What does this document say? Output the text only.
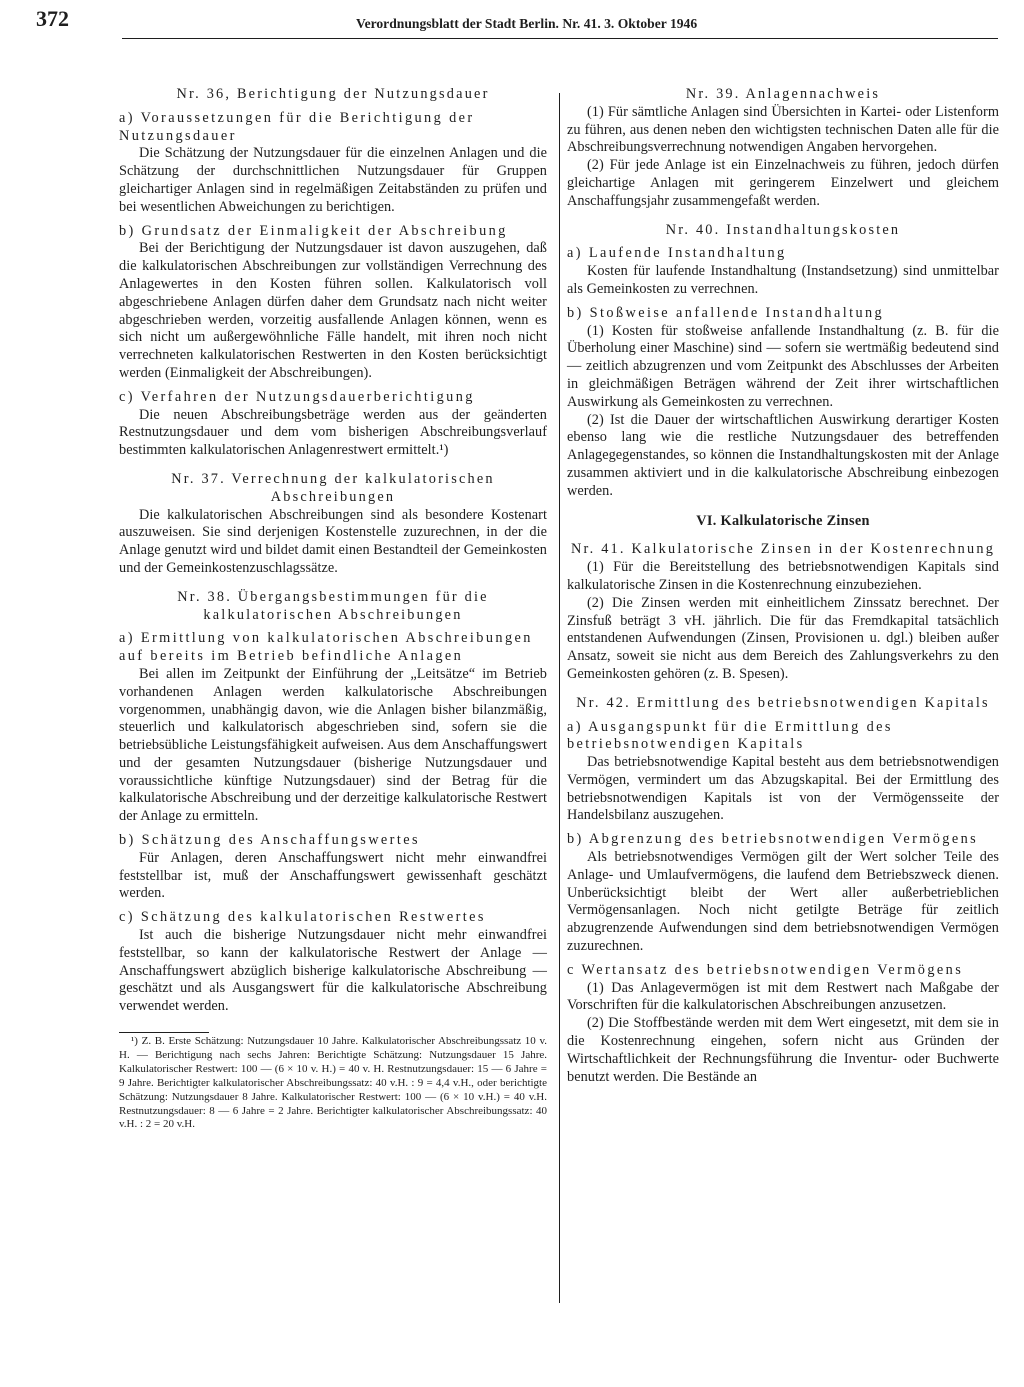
372	Verordnungsblatt der Stadt Berlin. Nr. 41. 3. Oktober 1946

Nr. 36, Berichtigung der Nutzungsdauer

a) Voraussetzungen für die Berichtigung der Nutzungsdauer

Die Schätzung der Nutzungsdauer für die einzelnen Anlagen und die Schätzung der durchschnittlichen Nutzungsdauer für Gruppen gleichartiger Anlagen sind in regelmäßigen Zeitabständen zu prüfen und bei wesentlichen Abweichungen zu berichtigen.

b) Grundsatz der Einmaligkeit der Abschreibung

Bei der Berichtigung der Nutzungsdauer ist davon auszugehen, daß die kalkulatorischen Abschreibungen zur vollständigen Verrechnung des Anlagewertes in den Kosten führen sollen. Kalkulatorisch voll abgeschriebene Anlagen dürfen daher dem Grundsatz nach nicht weiter abgeschrieben werden, vorzeitig ausfallende Anlagen können, wenn es sich nicht um außergewöhnliche Fälle handelt, mit ihren noch nicht verrechneten kalkulatorischen Restwerten in den Kosten berücksichtigt werden (Einmaligkeit der Abschreibungen).

c) Verfahren der Nutzungsdauerberichtigung

Die neuen Abschreibungsbeträge werden aus der geänderten Restnutzungsdauer und dem vom bisherigen Abschreibungsverlauf bestimmten kalkulatorischen Anlagenrestwert ermittelt.¹)

Nr. 37. Verrechnung der kalkulatorischen Abschreibungen

Die kalkulatorischen Abschreibungen sind als besondere Kostenart auszuweisen. Sie sind derjenigen Kostenstelle zuzurechnen, in der die Anlage genutzt wird und bildet damit einen Bestandteil der Gemeinkosten und der Gemeinkostenzuschlagssätze.

Nr. 38. Übergangsbestimmungen für die kalkulatorischen Abschreibungen

a) Ermittlung von kalkulatorischen Abschreibungen auf bereits im Betrieb befindliche Anlagen

Bei allen im Zeitpunkt der Einführung der „Leitsätze“ im Betrieb vorhandenen Anlagen werden kalkulatorische Abschreibungen vorgenommen, unabhängig davon, wie die Anlagen bisher bilanzmäßig, steuerlich und kalkulatorisch abgeschrieben sind, sofern sie die betriebsübliche Leistungsfähigkeit aufweisen. Aus dem Anschaffungswert und der gesamten Nutzungsdauer (bisherige Nutzungsdauer und voraussichtliche künftige Nutzungsdauer) sind der Betrag für die kalkulatorische Abschreibung und der derzeitige kalkulatorische Restwert der Anlage zu ermitteln.

b) Schätzung des Anschaffungswertes

Für Anlagen, deren Anschaffungswert nicht mehr einwandfrei feststellbar ist, muß der Anschaffungswert gewissenhaft geschätzt werden.

c) Schätzung des kalkulatorischen Restwertes

Ist auch die bisherige Nutzungsdauer nicht mehr einwandfrei feststellbar, so kann der kalkulatorische Restwert der Anlage — Anschaffungswert abzüglich bisherige kalkulatorische Abschreibung — geschätzt und als Ausgangswert für die kalkulatorische Abschreibung verwendet werden.

¹) Z. B. Erste Schätzung: Nutzungsdauer 10 Jahre. Kalkulatorischer Abschreibungssatz 10 v. H. — Berichtigung nach sechs Jahren: Berichtigte Schätzung: Nutzungsdauer 15 Jahre. Kalkulatorischer Restwert: 100 — (6 × 10 v. H.) = 40 v. H. Restnutzungsdauer: 15 — 6 Jahre = 9 Jahre. Berichtigter kalkulatorischer Abschreibungssatz: 40 v.H. : 9 = 4,4 v.H., oder berichtigte Schätzung: Nutzungsdauer 8 Jahre. Kalkulatorischer Restwert: 100 — (6 × 10 v.H.) = 40 v.H. Restnutzungsdauer: 8 — 6 Jahre = 2 Jahre. Berichtigter kalkulatorischer Abschreibungssatz: 40 v.H. : 2 = 20 v.H.

Nr. 39. Anlagennachweis

(1) Für sämtliche Anlagen sind Übersichten in Kartei- oder Listenform zu führen, aus denen neben den wichtigsten technischen Daten alle für die Abschreibungsverrechnung notwendigen Angaben hervorgehen.

(2) Für jede Anlage ist ein Einzelnachweis zu führen, jedoch dürfen gleichartige Anlagen mit geringerem Einzelwert und gleichem Anschaffungsjahr zusammengefaßt werden.

Nr. 40. Instandhaltungskosten

a) Laufende Instandhaltung

Kosten für laufende Instandhaltung (Instandsetzung) sind unmittelbar als Gemeinkosten zu verrechnen.

b) Stoßweise anfallende Instandhaltung

(1) Kosten für stoßweise anfallende Instandhaltung (z. B. für die Überholung einer Maschine) sind — sofern sie wertmäßig bedeutend sind — zeitlich abzugrenzen und vom Zeitpunkt des Abschlusses der Arbeiten in gleichmäßigen Beträgen während der Zeit ihrer wirtschaftlichen Auswirkung als Gemeinkosten zu verrechnen.

(2) Ist die Dauer der wirtschaftlichen Auswirkung derartiger Kosten ebenso lang wie die restliche Nutzungsdauer des betreffenden Anlagegegenstandes, so können die Instandhaltungskosten mit der Anlage zusammen aktiviert und in die kalkulatorische Abschreibung einbezogen werden.

VI. Kalkulatorische Zinsen

Nr. 41. Kalkulatorische Zinsen in der Kostenrechnung

(1) Für die Bereitstellung des betriebsnotwendigen Kapitals sind kalkulatorische Zinsen in die Kostenrechnung einzubeziehen.

(2) Die Zinsen werden mit einheitlichem Zinssatz berechnet. Der Zinsfuß beträgt 3 vH. jährlich. Die für das Fremdkapital tatsächlich entstandenen Aufwendungen (Zinsen, Provisionen u. dgl.) bleiben außer Ansatz, soweit sie nicht aus dem Bereich des Zahlungsverkehrs zu den Gemeinkosten gehören (z. B. Spesen).

Nr. 42. Ermittlung des betriebsnotwendigen Kapitals

a) Ausgangspunkt für die Ermittlung des betriebsnotwendigen Kapitals

Das betriebsnotwendige Kapital besteht aus dem betriebsnotwendigen Vermögen, vermindert um das Abzugskapital. Bei der Ermittlung des betriebsnotwendigen Kapitals ist von der Vermögensseite der Handelsbilanz auszugehen.

b) Abgrenzung des betriebsnotwendigen Vermögens

Als betriebsnotwendiges Vermögen gilt der Wert solcher Teile des Anlage- und Umlaufvermögens, die laufend dem Betriebszweck dienen. Unberücksichtigt bleibt der Wert aller außerbetrieblichen Vermögensanlagen. Noch nicht getilgte Beträge für zeitlich abzugrenzende Aufwendungen sind dem betriebsnotwendigen Vermögen zuzurechnen.

c Wertansatz des betriebsnotwendigen Vermögens

(1) Das Anlagevermögen ist mit dem Restwert nach Maßgabe der Vorschriften für die kalkulatorischen Abschreibungen anzusetzen.

(2) Die Stoffbestände werden mit dem Wert eingesetzt, mit dem sie in die Kostenrechnung eingehen, sofern nicht aus Gründen der Wirtschaftlichkeit der Rechnungsführung die Inventur- oder Buchwerte benutzt werden. Die Bestände an
